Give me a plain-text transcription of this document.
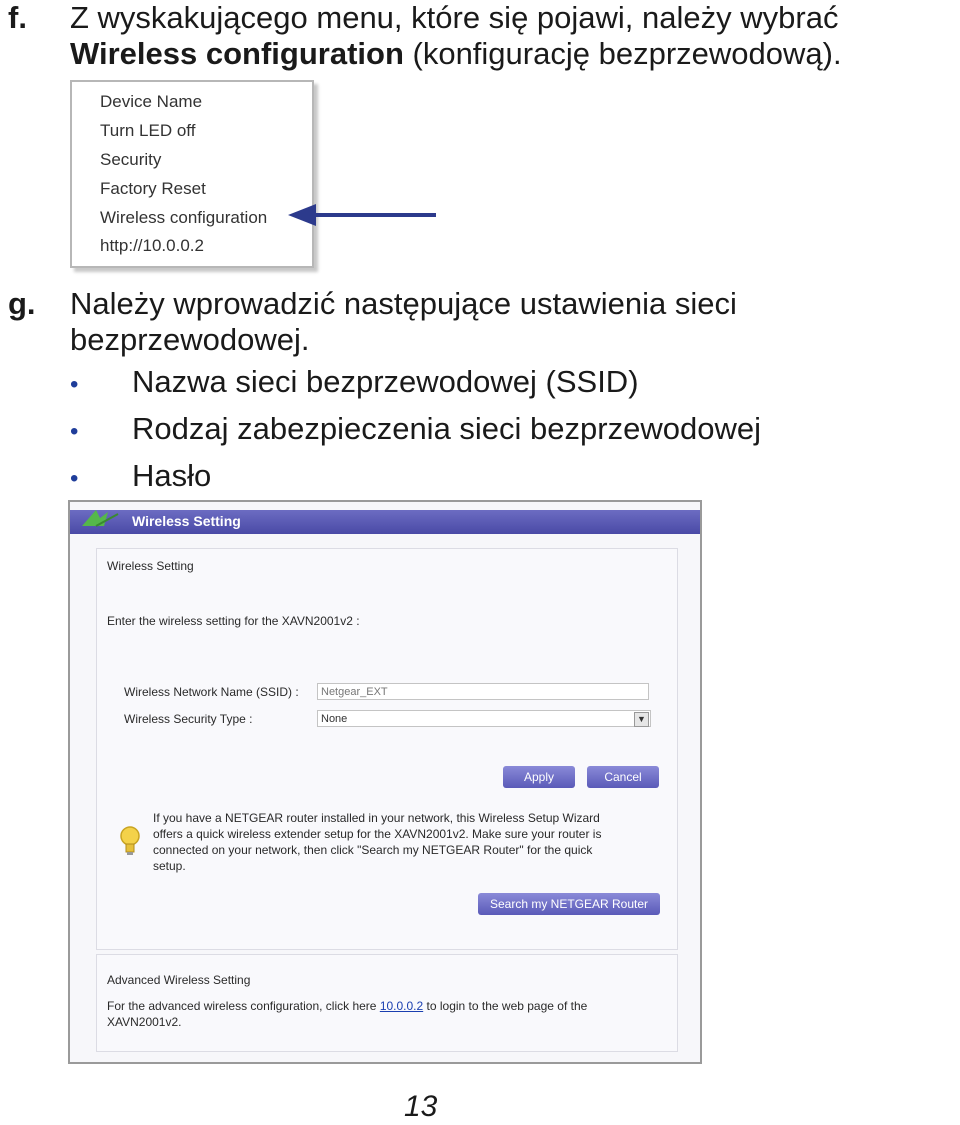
f. Z wyskakującego menu, które się pojawi, należy wybrać
Wireless configuration (konfigurację bezprzewodową).
Device Name
Turn LED off
Security
Factory Reset
Wireless configuration
http://10.0.0.2
g. Należy wprowadzić następujące ustawienia sieci
bezprzewodowej.
• Nazwa sieci bezprzewodowej (SSID)
• Rodzaj zabezpieczenia sieci bezprzewodowej
• Hasło
Wireless Setting
Wireless Setting
Enter the wireless setting for the XAVN2001v2 :
Wireless Network Name (SSID) :	Netgear_EXT
Wireless Security Type :	None	▼
Apply	Cancel
If you have a NETGEAR router installed in your network, this Wireless Setup Wizard
offers a quick wireless extender setup for the XAVN2001v2. Make sure your router is
connected on your network, then click "Search my NETGEAR Router" for the quick
setup.
Search my NETGEAR Router
Advanced Wireless Setting
For the advanced wireless configuration, click here 10.0.0.2 to login to the web page of the
XAVN2001v2.
13
